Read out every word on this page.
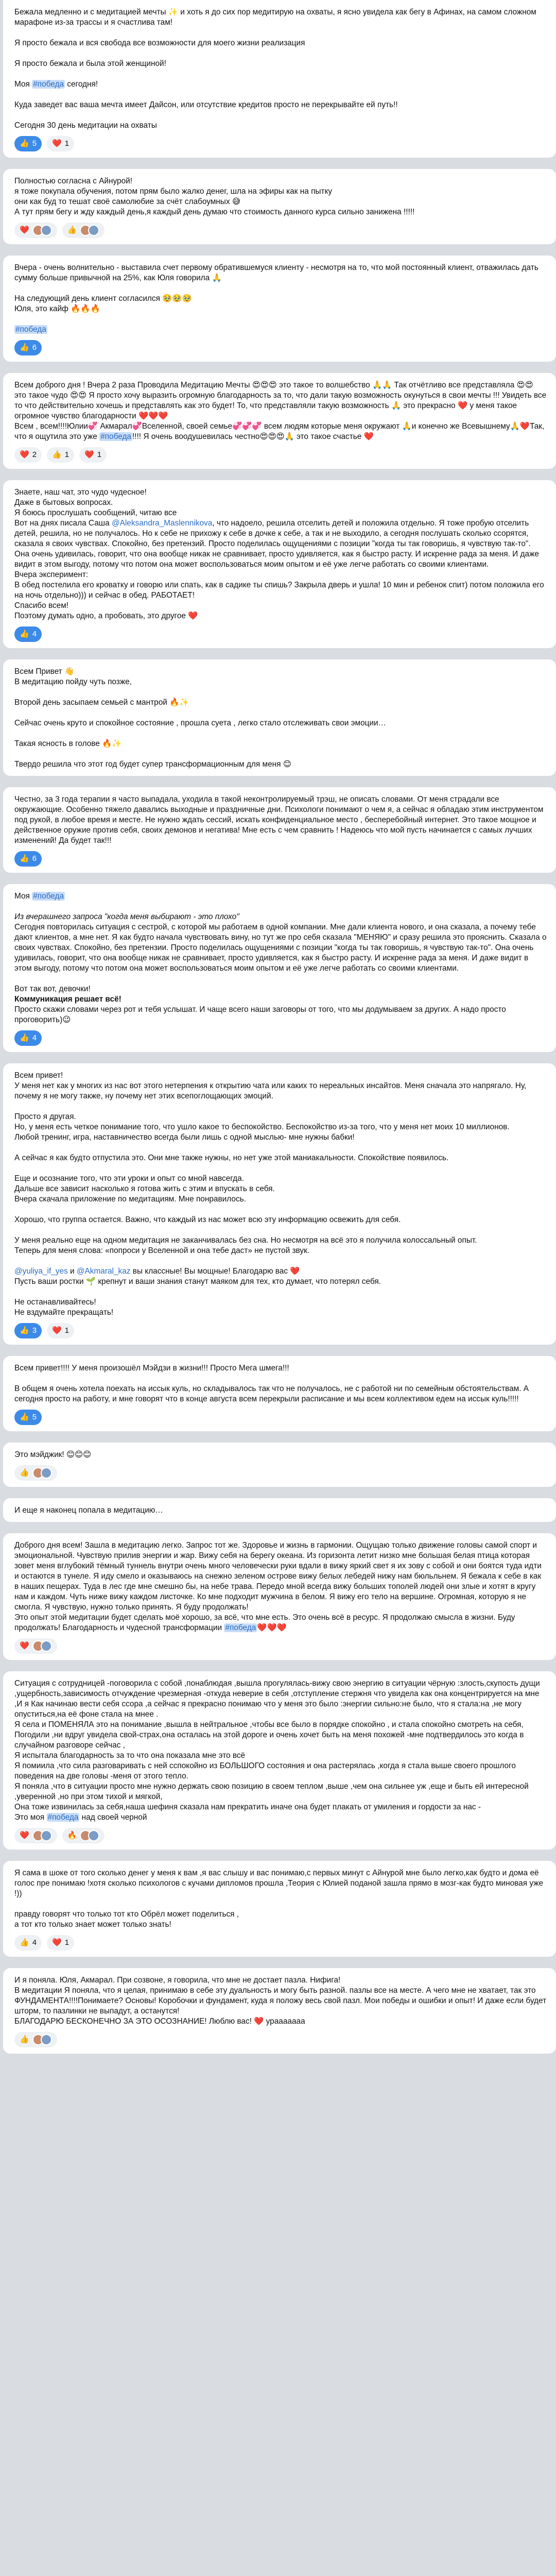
Бежала медленно и с медитацией мечты ✨ и хоть я до сих пор медитирую на охваты, я ясно увидела как бегу в Афинах, на самом сложном марафоне из-за трассы и я счастлива там!
Я просто бежала и вся свобода все возможности для моего жизни реализация
Я просто бежала и была этой женщиной!
Моя #победа сегодня!
Куда заведет вас ваша мечта имеет Дайсон, или отсутствие кредитов просто не перекрывайте ей путь!!
Сегодня 30 день медитации на охваты
👍 5 ❤️ 1
Полностью согласна с Айнурой!
я тоже покупала обучения, потом прям было жалко денег, шла на эфиры как на пытку
они как буд то тешат своё самолюбие за счёт слабоумных 😅
А тут прям бегу и жду каждый день,я каждый день думаю что стоимость данного курса сильно занижена !!!!!
❤️	👍
Вчера - очень волнительно - выставила счет первому обратившемуся клиенту - несмотря на то, что мой постоянный клиент, отважилась дать сумму больше привычной на 25%, как Юля говорила 🙏
На следующий день клиент согласился 🥹🥹🥹
Юля, это кайф 🔥🔥🔥
#победа
👍 6
Всем доброго дня ! Вчера 2 раза Проводила Медитацию Мечты 😍😍😍 это такое то волшебство 🙏🙏 Так отчётливо все представляла 😍😍 это такое чудо 😍😍 Я просто хочу выразить огромную благодарность за то, что дали такую возможность окунуться в свои мечты !!! Увидеть все то что действительно хочешь и представлять как это будет! То, что представляли такую возможность 🙏 это прекрасно ❤️ у меня такое огромное чувство благодарности ❤️❤️❤️
Всем , всем!!!!Юлии💞 Акмарал💞Вселенной, своей семье💞💞💞 всем людям которые меня окружают 🙏и конечно же Всевышнему🙏❤️Так, что я ощутила это уже #победа !!!! Я очень воодушевилась честно😍😍😍🙏 это такое счастье ❤️
❤️ 2 👍 1 ❤️ 1
Знаете, наш чат, это чудо чудесное!
Даже в бытовых вопросах.
Я боюсь прослушать сообщений, читаю все
Вот на днях писала Саша @Aleksandra_Maslennikova, что надоело, решила отселить детей и положила отдельно. Я тоже пробую отселить детей, решила, но не получалось. Но к себе не прихожу к себе в дочке к себе, а так и не выходило, а сегодня послушать сколько ссорятся, сказала я своих чувствах. Спокойно, без претензий. Просто поделилась ощущениями с позиции "когда ты так говоришь, я чувствую так-то". Она очень удивилась, говорит, что она вообще никак не сравнивает, просто удивляется, как я быстро расту. И искренне рада за меня. И даже видит в этом выгоду, потому что потом она может воспользоваться моим опытом и её уже легче работать со своими клиентами.
Вчера эксперимент:
В обед постелила его кроватку и говорю или спать, как в садике ты спишь? Закрыла дверь и ушла! 10 мин и ребенок спит) потом положила его на ночь отдельно))) и сейчас в обед. РАБОТАЕТ!
Спасибо всем!
Поэтому думать одно, а пробовать, это другое ❤️
👍 4
Всем Привет 👋
В медитацию пойду чуть позже,
Второй день засыпаем семьей с мантрой 🔥✨
Сейчас очень круто и спокойное состояние , прошла суета , легко стало отслеживать свои эмоции…
Такая ясность в голове 🔥✨
Твердо решила что этот год будет супер трансформационным для меня 😊
Честно, за 3 года терапии я часто выпадала, уходила в такой неконтролируемый трэш, не описать словами. От меня страдали все окружающие. Особенно тяжело давались выходные и праздничные дни. Психологи понимают о чем я, а сейчас я обладаю этим инструментом под рукой, в любое время и месте. Не нужно ждать сессий, искать конфиденциальное место , бесперебойный интернет. Это такое мощное и действенное оружие против себя, своих демонов и негатива! Мне есть с чем сравнить ! Надеюсь что мой пусть начинается с самых лучших изменений! Да будет так!!!
👍 6
Моя #победа
Из вчерашнего запроса "когда меня выбирают - это плохо"
Сегодня повторилась ситуация с сестрой, с которой мы работаем в одной компании. Мне дали клиента нового, и она сказала, а почему тебе дают клиентов, а мне нет. Я как будто начала чувствовать вину, но тут же про себя сказала "МЕНЯЮ" и сразу решила это прояснить. Сказала о своих чувствах. Спокойно, без претензии. Просто поделилась ощущениями с позиции "когда ты так говоришь, я чувствую так-то". Она очень удивилась, говорит, что она вообще никак не сравнивает, просто удивляется, как я быстро расту. И искренне рада за меня. И даже видит в этом выгоду, потому что потом она может воспользоваться моим опытом и её уже легче работать со своими клиентами.
Вот так вот, девочки!
Коммуникация решает всё!
Просто скажи словами через рот и тебя услышат. И чаще всего наши заговоры от того, что мы додумываем за других. А надо просто проговорить)😉
👍 4
Всем привет!
У меня нет как у многих из нас вот этого нетерпения к открытию чата или каких то нереальных инсайтов. Меня сначала это напрягало. Ну, почему я не могу также, ну почему нет этих всепоглощающих эмоций.
Просто я другая.
Но, у меня есть четкое понимание того, что ушло какое то беспокойство. Беспокойство из-за того, что у меня нет моих 10 миллионов.
Любой тренинг, игра, наставничество всегда были лишь с одной мыслью- мне нужны бабки!
А сейчас я как будто отпустила это. Они мне также нужны, но нет уже этой маниакальности. Спокойствие появилось.
Еще и осознание того, что эти уроки и опыт со мной навсегда.
Дальше все зависит насколько я готова жить с этим и впускать в себя.
Вчера скачала приложение по медитациям. Мне понравилось.
Хорошо, что группа остается. Важно, что каждый из нас может всю эту информацию освежить для себя.
У меня реально еще на одном медитация не заканчивалась без сна. Но несмотря на всё это я получила колоссальный опыт.
Теперь для меня слова: «попроси у Вселенной и она тебе даст» не пустой звук.
@yuliya_if_yes и @Akmaral_kaz вы классные! Вы мощные! Благодарю вас ❤️
Пусть ваши ростки 🌱 крепнут и ваши знания станут маяком для тех, кто думает, что потерял себя.
Не останавливайтесь!
Не вздумайте прекращать!
👍 3 ❤️ 1
Всем привет!!!! У меня произошёл Мэйдзи в жизни!!! Просто Мега шмега!!!
В общем я очень хотела поехать на иссык куль, но складывалось так что не получалось, не с работой ни по семейным обстоятельствам. А сегодня просто на работу, и мне говорят что в конце августа всем перекрыли расписание и мы всем коллективом едем на иссык куль!!!!!
👍 5
Это мэйджик! 😊😊😊
👍
И еще я наконец попала в медитацию…
Доброго дня всем! Зашла в медитацию легко. Запрос тот же. Здоровье и жизнь в гармонии. Ощущаю только движение головы самой спорт и эмоциональной. Чувствую прилив энергии и жар. Вижу себя на берегу океана. Из горизонта летит низко мне большая белая птица которая зовет меня вглубокий тёмный туннель внутри очень много человечески руки вдали в вижу яркий свет я их зову с собой и они боятся туда идти и остаются в тунеле. Я иду смело и оказываюсь на снежно зеленом острове вижу белых лебедей нижу нам бюльльнем. Я бежала к себе в как в наших пещерах. Туда в лес где мне смешно бы, на небе трава. Передо мной всегда вижу больших тополей людей они злые и хотят в кругу нам и каждом. Чуть ниже вижу каждом листочке. Ко мне подходит мужчина в белом. Я вижу его тело на вершине. Огромная, которую я не смогла. Я чувствую, нужно только принять. Я буду продолжать!
Это опыт этой медитации будет сделать моё хорошо, за всё, что мне есть. Это очень всё в ресурс. Я продолжаю смысла в жизни. Буду продолжать! Благодарность и чудесной трансформации #победа ❤️❤️❤️
❤️
Ситуация с сотрудницей -поговорила с собой ,понаблюдая ,вышла прогулялась-вижу свою энергию в ситуации чёрную :злость,скупость дущи ,ущербность,зависимость отчуждение чрезмерная -откуда неверие в себя ,отступление стержня что увидела как она концентрируется на мне ,И я Как начинаю вести себя ссора ,а сейчас я прекрасно понимаю что у меня это было :энергии сильно:не было, что я стала:на ,не могу опуститься,на её фоне стала на мнее .
Я села и ПОМЕНЯЛА это на понимание ,вышла в нейтральное ,чтобы все было в порядке спокойно , и стала спокойно смотреть на себя,
Погодили ,ни вдруг увидела свой-страх,она осталась на этой дороге и очень хочет быть на меня похожей -мне подтвердилось это когда в случайном разговоре сейчас ,
Я испытала благодарность за то что она показала мне это всё
Я помиила ,что сила разговаривать с ней сспокойно из БОЛЬШОГО состояния и она растерялась ,когда я стала выше своего прошлого поведения на две головы -меня от этого тепло.
Я поняла ,что в ситуации просто мне нужно держать свою позицию в своем теплом ,выше ,чем она сильнее уж ,еще и быть ей интересной ,уверенной ,но при этом тихой и мягкой,
Она тоже извинилась за себя,наша шефиня сказала нам прекратить иначе она будет плакать от умиления и гордости за нас -
Это моя #победа над своей черной
❤️	🔥
Я сама в шоке от того сколько денег у меня к вам ,я вас слышу и вас понимаю,с первых минут с Айнурой мне было легко,как будто и дома её голос пре понимаю !хотя сколько психологов с кучами дипломов прошла ,Теория с Юлией поданой зашла прямо в мозг-как будто миновая уже !))
правду говорят что только тот кто Обрёл может поделиться ,
а тот кто только знает может только знать!
👍 4 ❤️ 1
И я поняла. Юля, Акмарал. При созвоне, я говорила, что мне не достает пазла. Нифига!
В медитации Я поняла, что я целая, принимаю в себе эту дуальность и могу быть разной. пазлы все на месте. А чего мне не хватает, так это ФУНДАМЕНТА!!!!Понимаете? Основы! Коробочки и фундамент, куда я положу весь свой пазл. Мои победы и ошибки и опыт! И даже если будет шторм, то пазлинки не выпадут, а останутся!
БЛАГОДАРЮ БЕСКОНЕЧНО ЗА ЭТО ОСОЗНАНИЕ! Люблю вас! ❤️ урааааааа
👍
